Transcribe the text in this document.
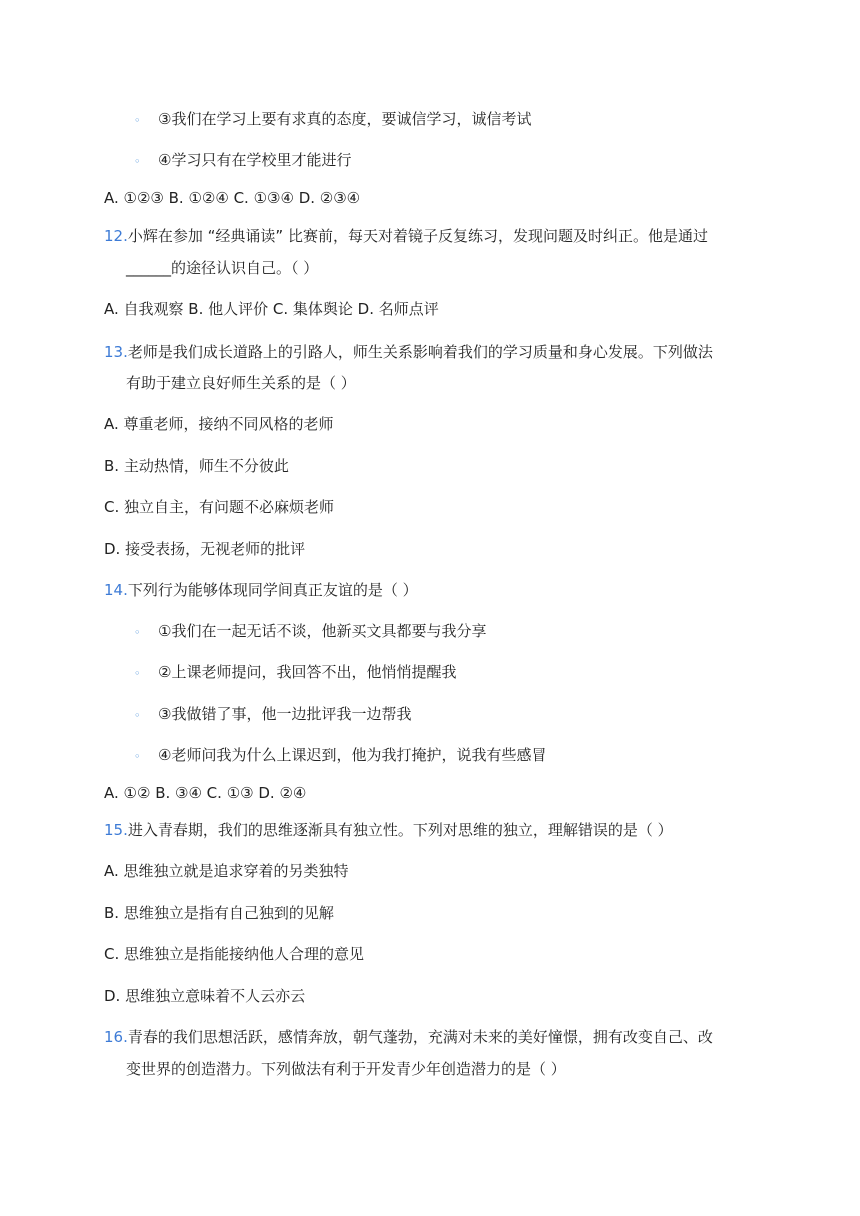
◦ ③我们在学习上要有求真的态度，要诚信学习，诚信考试
◦ ④学习只有在学校里才能进行
A. ①②③ B. ①②④ C. ①③④ D. ②③④
12.小辉在参加 “经典诵读” 比赛前，每天对着镜子反复练习，发现问题及时纠正。他是通过
______的途径认识自己。（ ）
A. 自我观察 B. 他人评价 C. 集体舆论 D. 名师点评
13.老师是我们成长道路上的引路人，师生关系影响着我们的学习质量和身心发展。下列做法
有助于建立良好师生关系的是（ ）
A. 尊重老师，接纳不同风格的老师
B. 主动热情，师生不分彼此
C. 独立自主，有问题不必麻烦老师
D. 接受表扬，无视老师的批评
14.下列行为能够体现同学间真正友谊的是（ ）
◦ ①我们在一起无话不谈，他新买文具都要与我分享
◦ ②上课老师提问，我回答不出，他悄悄提醒我
◦ ③我做错了事，他一边批评我一边帮我
◦ ④老师问我为什么上课迟到，他为我打掩护，说我有些感冒
A. ①② B. ③④ C. ①③ D. ②④
15.进入青春期，我们的思维逐渐具有独立性。下列对思维的独立，理解错误的是（ ）
A. 思维独立就是追求穿着的另类独特
B. 思维独立是指有自己独到的见解
C. 思维独立是指能接纳他人合理的意见
D. 思维独立意味着不人云亦云
16.青春的我们思想活跃，感情奔放，朝气蓬勃，充满对未来的美好憧憬，拥有改变自己、改
变世界的创造潜力。下列做法有利于开发青少年创造潜力的是（ ）
